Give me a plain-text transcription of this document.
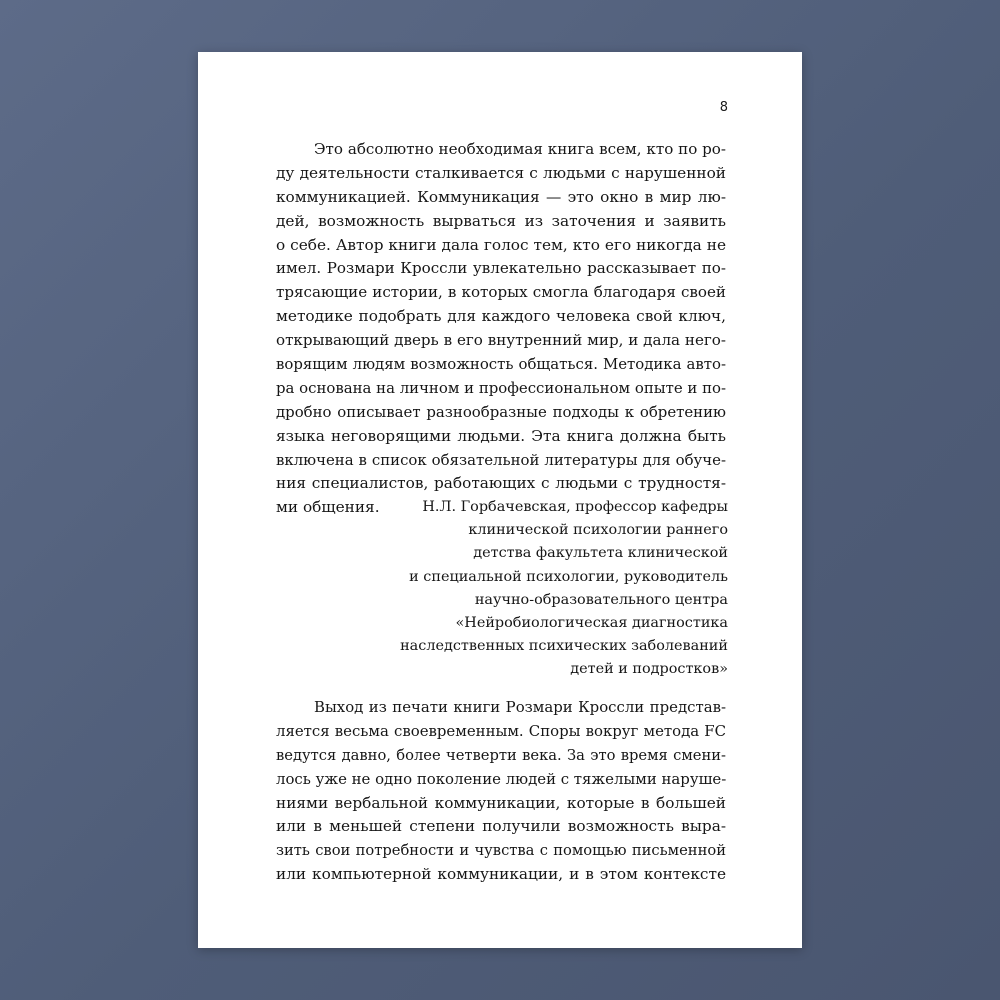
8
Это абсолютно необходимая книга всем, кто по ро-
ду деятельности сталкивается с людьми с нарушенной
коммуникацией. Коммуникация — это окно в мир лю-
дей, возможность вырваться из заточения и заявить
о себе. Автор книги дала голос тем, кто его никогда не
имел. Розмари Кроссли увлекательно рассказывает по-
трясающие истории, в которых смогла благодаря своей
методике подобрать для каждого человека свой ключ,
открывающий дверь в его внутренний мир, и дала него-
ворящим людям возможность общаться. Методика авто-
ра основана на личном и профессиональном опыте и по-
дробно описывает разнообразные подходы к обретению
языка неговорящими людьми. Эта книга должна быть
включена в список обязательной литературы для обуче-
ния специалистов, работающих с людьми с трудностя-
ми общения.	Н.Л. Горбачевская, профессор кафедры
клинической психологии раннего
детства факультета клинической
и специальной психологии, руководитель
научно-образовательного центра
«Нейробиологическая диагностика
наследственных психических заболеваний
детей и подростков»
Выход из печати книги Розмари Кроссли представ-
ляется весьма своевременным. Споры вокруг метода FC
ведутся давно, более четверти века. За это время смени-
лось уже не одно поколение людей с тяжелыми наруше-
ниями вербальной коммуникации, которые в большей
или в меньшей степени получили возможность выра-
зить свои потребности и чувства с помощью письменной
или компьютерной коммуникации, и в этом контексте
